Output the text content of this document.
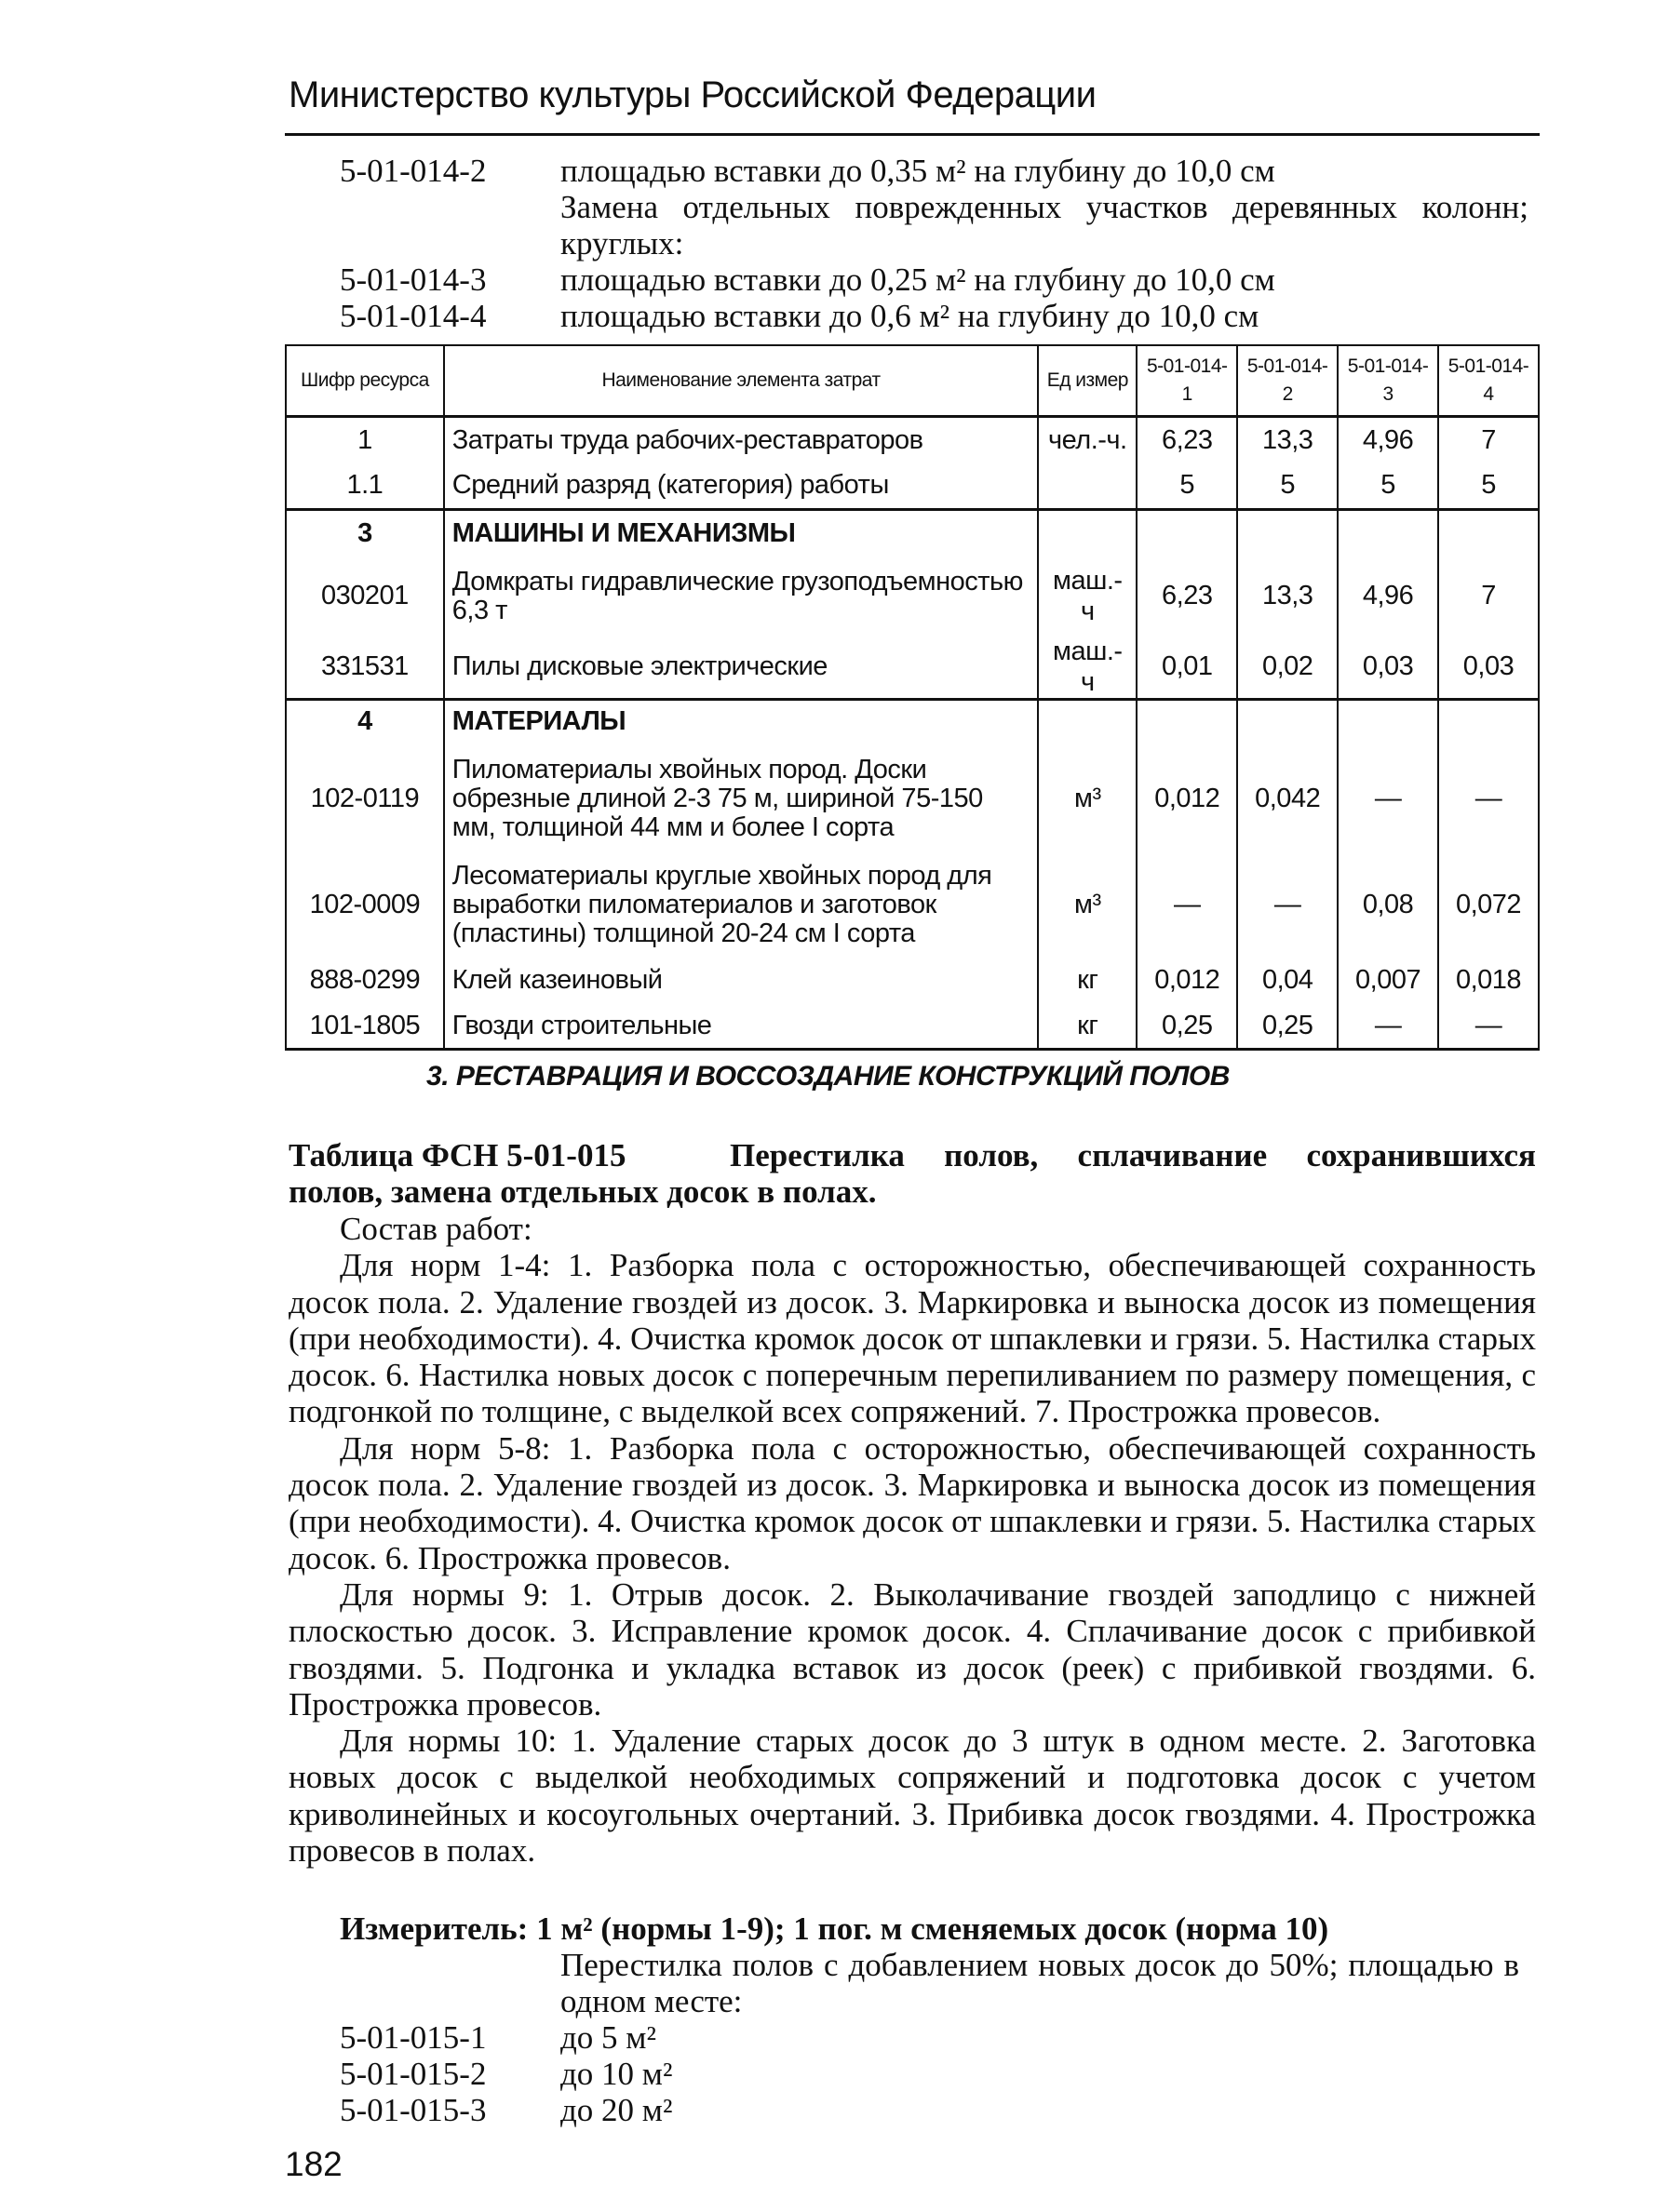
Министерство культуры Российской Федерации
5-01-014-2	площадью вставки до 0,35 м² на глубину до 10,0 см
Замена отдельных поврежденных участков деревянных колонн; круглых:
5-01-014-3	площадью вставки до 0,25 м² на глубину до 10,0 см
5-01-014-4	площадью вставки до 0,6 м² на глубину до 10,0 см
Шифр ресурса	Наименование элемента затрат	Ед измер	5-01-014-1	5-01-014-2	5-01-014-3	5-01-014-4
1	Затраты труда рабочих-реставраторов	чел.-ч.	6,23	13,3	4,96	7
1.1	Средний разряд (категория) работы		5	5	5	5
3	МАШИНЫ И МЕХАНИЗМЫ					
030201	Домкраты гидравлические грузоподъемностью 6,3 т	маш.-ч	6,23	13,3	4,96	7
331531	Пилы дисковые электрические	маш.-ч	0,01	0,02	0,03	0,03
4	МАТЕРИАЛЫ					
102-0119	Пиломатериалы хвойных пород. Доски обрезные длиной 2-3 75 м, шириной 75-150 мм, толщиной 44 мм и более I сорта	м³	0,012	0,042	—	—
102-0009	Лесоматериалы круглые хвойных пород для выработки пиломатериалов и заготовок (пластины) толщиной 20-24 см I сорта	м³	—	—	0,08	0,072
888-0299	Клей казеиновый	кг	0,012	0,04	0,007	0,018
101-1805	Гвозди строительные	кг	0,25	0,25	—	—
3. РЕСТАВРАЦИЯ И ВОССОЗДАНИЕ КОНСТРУКЦИЙ ПОЛОВ
Таблица ФСН 5-01-015	Перестилка полов, сплачивание сохранившихся полов, замена отдельных досок в полах.

Состав работ:

Для норм 1-4: 1. Разборка пола с осторожностью, обеспечивающей сохранность досок пола. 2. Удаление гвоздей из досок. 3. Маркировка и выноска досок из помещения (при необходимости). 4. Очистка кромок досок от шпаклевки и грязи. 5. Настилка старых досок. 6. Настилка новых досок с поперечным перепиливанием по размеру помещения, с подгонкой по толщине, с выделкой всех сопряжений. 7. Прострожка провесов.

Для норм 5-8: 1. Разборка пола с осторожностью, обеспечивающей сохранность досок пола. 2. Удаление гвоздей из досок. 3. Маркировка и выноска досок из помещения (при необходимости). 4. Очистка кромок досок от шпаклевки и грязи. 5. Настилка старых досок. 6. Прострожка провесов.

Для нормы 9: 1. Отрыв досок. 2. Выколачивание гвоздей заподлицо с нижней плоскостью досок. 3. Исправление кромок досок. 4. Сплачивание досок с прибивкой гвоздями. 5. Подгонка и укладка вставок из досок (реек) с прибивкой гвоздями. 6. Прострожка провесов.

Для нормы 10: 1. Удаление старых досок до 3 штук в одном месте. 2. Заготовка новых досок с выделкой необходимых сопряжений и подготовка досок с учетом криволинейных и косоугольных очертаний. 3. Прибивка досок гвоздями. 4. Прострожка провесов в полах.

Измеритель: 1 м² (нормы 1-9); 1 пог. м сменяемых досок (норма 10)
Перестилка полов с добавлением новых досок до 50%; площадью в одном месте:
5-01-015-1	до 5 м²
5-01-015-2	до 10 м²
5-01-015-3	до 20 м²
182
